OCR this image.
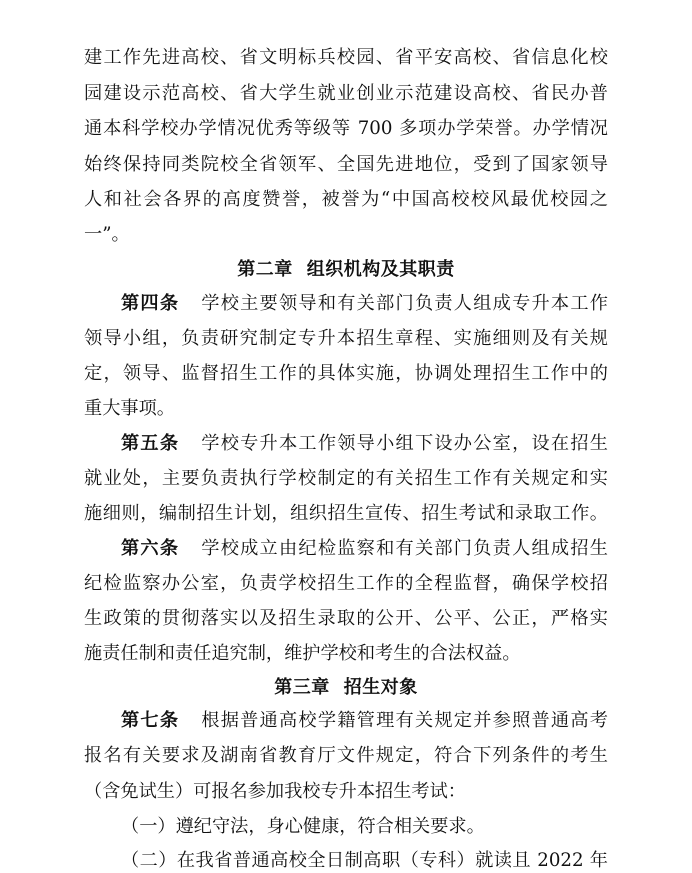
建工作先进高校、省文明标兵校园、省平安高校、省信息化校
园建设示范高校、省大学生就业创业示范建设高校、省民办普
通本科学校办学情况优秀等级等 700 多项办学荣誉。办学情况
始终保持同类院校全省领军、全国先进地位，受到了国家领导
人和社会各界的高度赞誉，被誉为“中国高校校风最优校园之
一”。
第二章 组织机构及其职责
第四条 学校主要领导和有关部门负责人组成专升本工作
领导小组，负责研究制定专升本招生章程、实施细则及有关规
定，领导、监督招生工作的具体实施，协调处理招生工作中的
重大事项。
第五条 学校专升本工作领导小组下设办公室，设在招生
就业处，主要负责执行学校制定的有关招生工作有关规定和实
施细则，编制招生计划，组织招生宣传、招生考试和录取工作。
第六条 学校成立由纪检监察和有关部门负责人组成招生
纪检监察办公室，负责学校招生工作的全程监督，确保学校招
生政策的贯彻落实以及招生录取的公开、公平、公正，严格实
施责任制和责任追究制，维护学校和考生的合法权益。
第三章 招生对象
第七条 根据普通高校学籍管理有关规定并参照普通高考
报名有关要求及湖南省教育厅文件规定，符合下列条件的考生
（含免试生）可报名参加我校专升本招生考试：
（一）遵纪守法，身心健康，符合相关要求。
（二）在我省普通高校全日制高职（专科）就读且 2022 年
